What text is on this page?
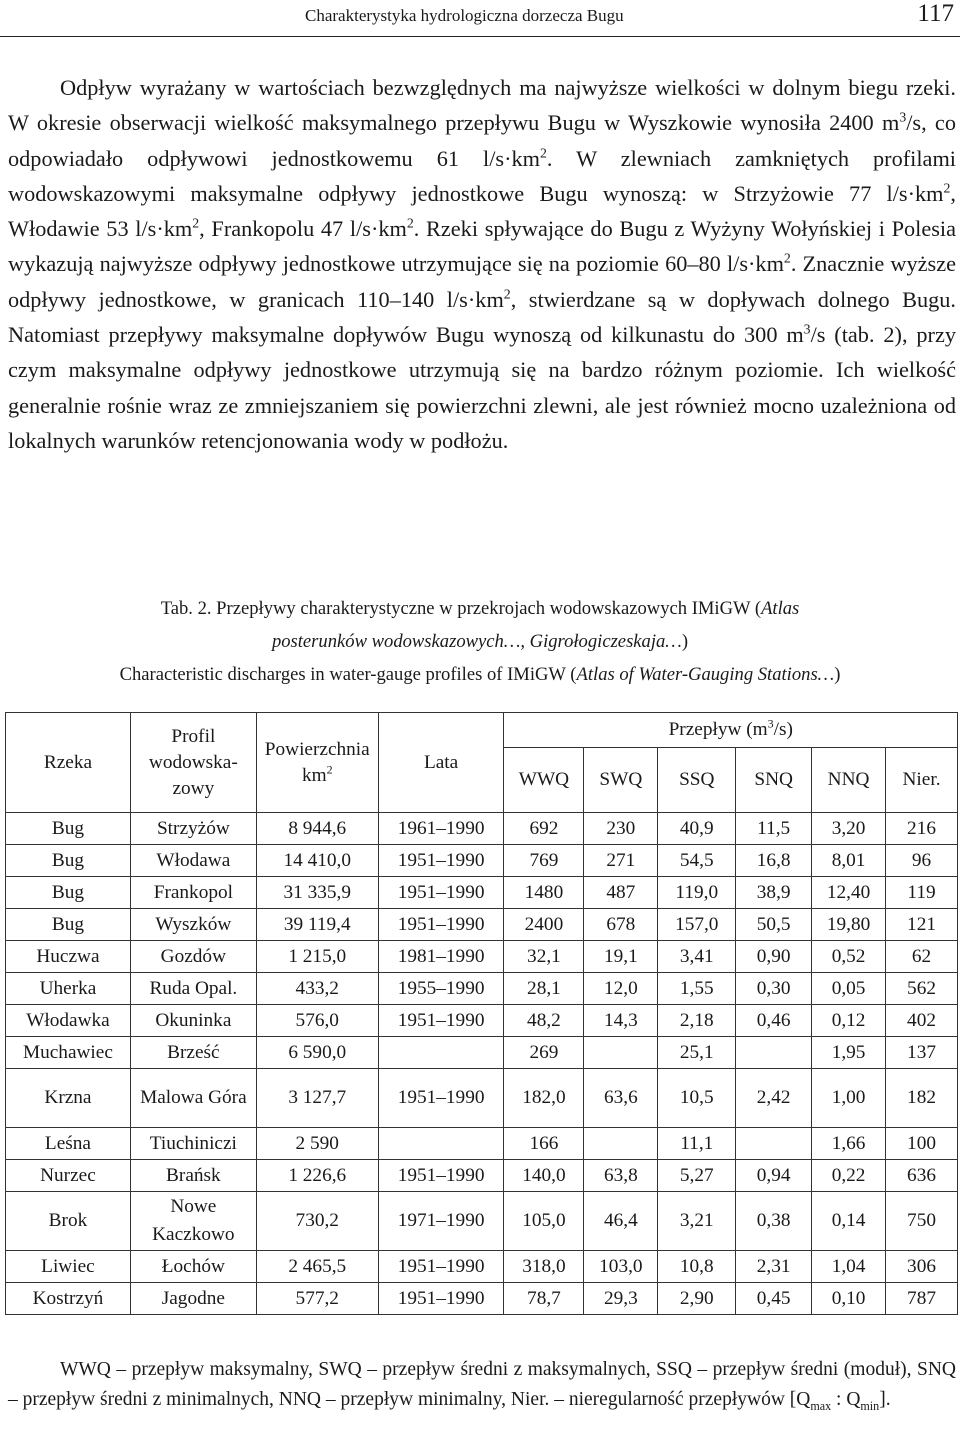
Charakterystyka hydrologiczna dorzecza Bugu	117

Odpływ wyrażany w wartościach bezwzględnych ma najwyższe wielkości w dolnym biegu rzeki. W okresie obserwacji wielkość maksymalnego przepływu Bugu w Wyszkowie wynosiła 2400 $m^3/s$, co odpowiadało odpływowi jednostkowemu 61 $l/s\cdot km^2$. W zlewniach zamkniętych profilami wodowskazowymi maksymalne odpływy jednostkowe Bugu wynoszą: w Strzyżowie 77 $l/s\cdot km^2$, Włodawie 53 $l/s\cdot km^2$, Frankopolu 47 $l/s\cdot km^2$. Rzeki spływające do Bugu z Wyżyny Wołyńskiej i Polesia wykazują najwyższe odpływy jednostkowe utrzymujące się na poziomie 60–80 $l/s\cdot km^2$. Znacznie wyższe odpływy jednostkowe, w granicach 110–140 $l/s\cdot km^2$, stwierdzane są w dopływach dolnego Bugu. Natomiast przepływy maksymalne dopływów Bugu wynoszą od kilkunastu do 300 $m^3/s$ (tab. 2), przy czym maksymalne odpływy jednostkowe utrzymują się na bardzo różnym poziomie. Ich wielkość generalnie rośnie wraz ze zmniejszaniem się powierzchni zlewni, ale jest również mocno uzależniona od lokalnych warunków retencjonowania wody w podłożu.

Tab. 2. Przepływy charakterystyczne w przekrojach wodowskazowych IMiGW (Atlas
posterunków wodowskazowych…, Gigrołogiczeskaja…)
Characteristic discharges in water-gauge profiles of IMiGW (Atlas of Water-Gauging Stations…)
Rzeka	Profil wodowskazowy	Powierzchnia $km^2$	Lata	Przepływ $(m^3/s)$					
				WWQ	SWQ	SSQ	SNQ	NNQ	Nier.
Bug	Strzyżów	8 944,6	1961–1990	692	230	40,9	11,5	3,20	216
Bug	Włodawa	14 410,0	1951–1990	769	271	54,5	16,8	8,01	96
Bug	Frankopol	31 335,9	1951–1990	1480	487	119,0	38,9	12,40	119
Bug	Wyszków	39 119,4	1951–1990	2400	678	157,0	50,5	19,80	121
Huczwa	Gozdów	1 215,0	1981–1990	32,1	19,1	3,41	0,90	0,52	62
Uherka	Ruda Opal.	433,2	1955–1990	28,1	12,0	1,55	0,30	0,05	562
Włodawka	Okuninka	576,0	1951–1990	48,2	14,3	2,18	0,46	0,12	402
Muchawiec	Brześć	6 590,0		269		25,1		1,95	137
Krzna	Malowa Góra	3 127,7	1951–1990	182,0	63,6	10,5	2,42	1,00	182
Leśna	Tiuchiniczi	2 590		166		11,1		1,66	100
Nurzec	Brańsk	1 226,6	1951–1990	140,0	63,8	5,27	0,94	0,22	636
Brok	Nowe Kaczkowo	730,2	1971–1990	105,0	46,4	3,21	0,38	0,14	750
Liwiec	Łochów	2 465,5	1951–1990	318,0	103,0	10,8	2,31	1,04	306
Kostrzyń	Jagodne	577,2	1951–1990	78,7	29,3	2,90	0,45	0,10	787

WWQ – przepływ maksymalny, SWQ – przepływ średni z maksymalnych, SSQ – przepływ średni (moduł), SNQ – przepływ średni z minimalnych, NNQ – przepływ minimalny, Nier. – nieregularność przepływów [$Q_{max}$ : $Q_{min}$].
